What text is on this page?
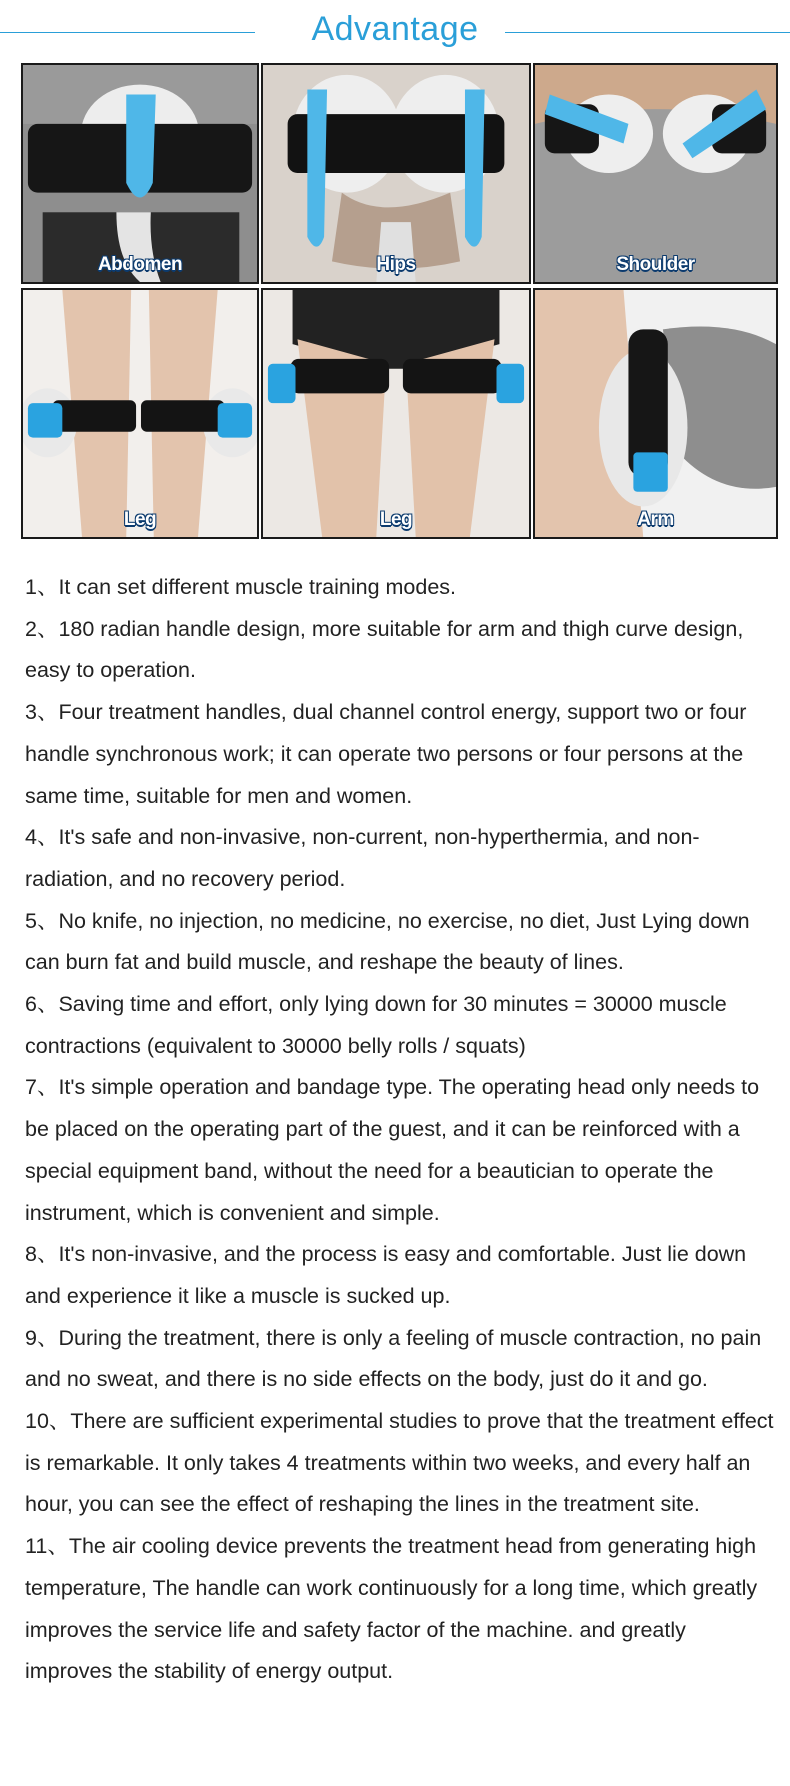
Advantage
Abdomen	Hips	Shoulder
Leg	Leg	Arm
1、It can set different muscle training modes.
2、180 radian handle design, more suitable for arm and thigh curve design, easy to operation.
3、Four treatment handles, dual channel control energy, support two or four handle synchronous work; it can operate two persons or four persons at the same time, suitable for men and women.
4、It's safe and non-invasive, non-current, non-hyperthermia, and non-radiation, and no recovery period.
5、No knife, no injection, no medicine, no exercise, no diet, Just Lying down can burn fat and build muscle, and reshape the beauty of lines.
6、Saving time and effort, only lying down for 30 minutes = 30000 muscle contractions (equivalent to 30000 belly rolls / squats)
7、It's simple operation and bandage type. The operating head only needs to be placed on the operating part of the guest, and it can be reinforced with a special equipment band, without the need for a beautician to operate the instrument, which is convenient and simple.
8、It's non-invasive, and the process is easy and comfortable. Just lie down and experience it like a muscle is sucked up.
9、During the treatment, there is only a feeling of muscle contraction, no pain and no sweat, and there is no side effects on the body, just do it and go.
10、There are sufficient experimental studies to prove that the treatment effect is remarkable. It only takes 4 treatments within two weeks, and every half an hour, you can see the effect of reshaping the lines in the treatment site.
11、The air cooling device prevents the treatment head from generating high temperature, The handle can work continuously for a long time, which greatly improves the service life and safety factor of the machine. and greatly improves the stability of energy output.
